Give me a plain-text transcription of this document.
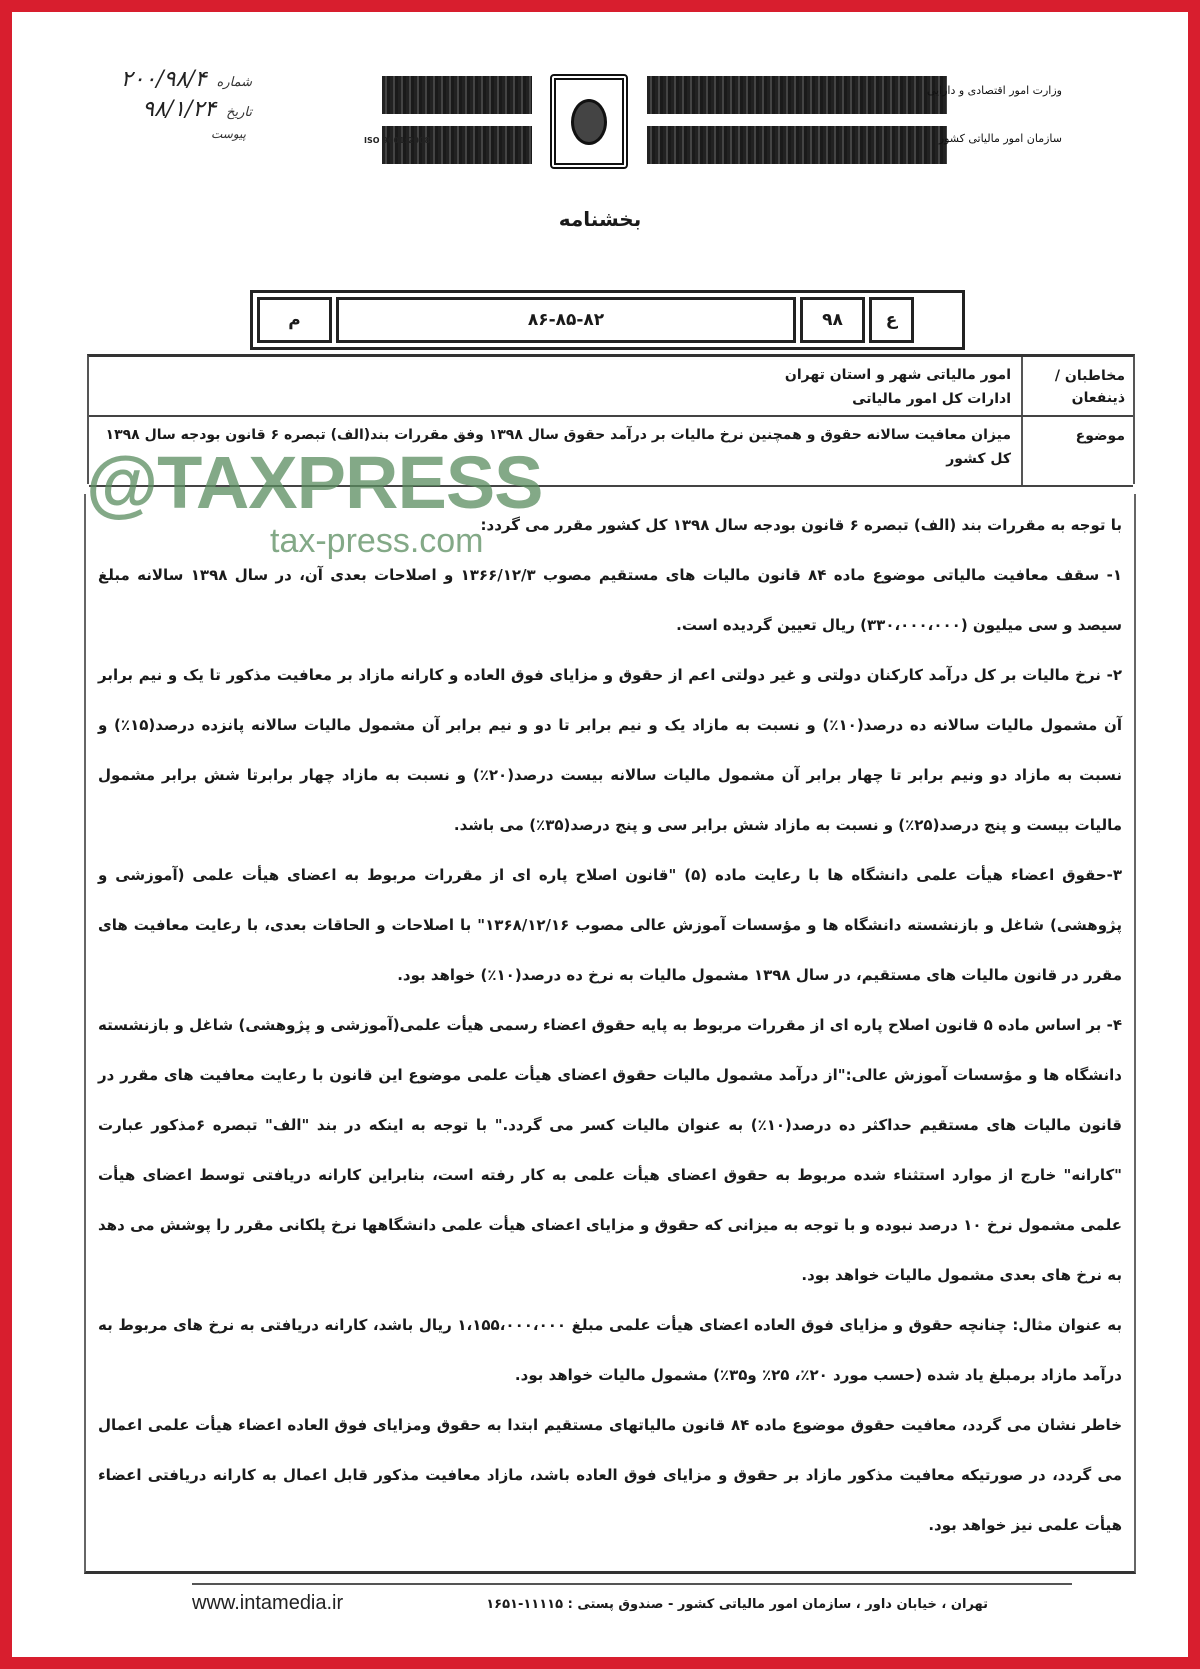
شماره
۲۰۰/۹۸/۴
تاریخ
۹۸/۱/۲۴
پیوست
وزارت امور اقتصادی و دارایی
سازمان امور مالیاتی کشور
ISO 9001:2008
بخشنامه
م	۸۶-۸۵-۸۲	۹۸	ع
مخاطبان / ذینفعان
امور مالیاتی شهر و استان تهران
ادارات کل امور مالیاتی
موضوع
میزان معافیت سالانه حقوق و همچنین نرخ مالیات بر درآمد حقوق سال ۱۳۹۸ وفق مقررات بند(الف) تبصره ۶ قانون بودجه سال ۱۳۹۸ کل کشور

با توجه به مقررات بند (الف) تبصره ۶ قانون بودجه سال ۱۳۹۸ کل کشور مقرر می گردد:

۱- سقف معافیت مالیاتی موضوع ماده ۸۴ قانون مالیات های مستقیم مصوب ۱۳۶۶/۱۲/۳ و اصلاحات بعدی آن، در سال ۱۳۹۸ سالانه مبلغ سیصد و سی میلیون (۳۳۰،۰۰۰،۰۰۰) ریال تعیین گردیده است.

۲- نرخ مالیات بر کل درآمد کارکنان دولتی و غیر دولتی اعم از حقوق و مزایای فوق العاده و کارانه مازاد بر معافیت مذکور تا یک و نیم برابر آن مشمول مالیات سالانه ده درصد(۱۰٪) و نسبت به مازاد یک و نیم برابر تا دو و نیم برابر آن مشمول مالیات سالانه پانزده درصد(۱۵٪) و نسبت به مازاد دو ونیم برابر تا چهار برابر آن مشمول مالیات سالانه بیست درصد(۲۰٪) و نسبت به مازاد چهار برابرتا شش برابر مشمول مالیات بیست و پنج درصد(۲۵٪) و نسبت به مازاد شش برابر سی و پنج درصد(۳۵٪) می باشد.

۳-حقوق اعضاء هیأت علمی دانشگاه ها با رعایت ماده (۵) "قانون اصلاح پاره ای از مقررات مربوط به اعضای هیأت علمی (آموزشی و پژوهشی) شاغل و بازنشسته دانشگاه ها و مؤسسات آموزش عالی مصوب ۱۳۶۸/۱۲/۱۶" با اصلاحات و الحاقات بعدی، با رعایت معافیت های مقرر در قانون مالیات های مستقیم، در سال ۱۳۹۸ مشمول مالیات به نرخ ده درصد(۱۰٪) خواهد بود.

۴- بر اساس ماده ۵ قانون اصلاح پاره ای از مقررات مربوط به پایه حقوق اعضاء رسمی هیأت علمی(آموزشی و پژوهشی) شاغل و بازنشسته دانشگاه ها و مؤسسات آموزش عالی:"از درآمد مشمول مالیات حقوق اعضای هیأت علمی موضوع این قانون با رعایت معافیت های مقرر در قانون مالیات های مستقیم حداکثر ده درصد(۱۰٪) به عنوان مالیات کسر می گردد." با توجه به اینکه در بند "الف" تبصره ۶مذکور عبارت "کارانه" خارج از موارد استثناء شده مربوط به حقوق اعضای هیأت علمی به کار رفته است، بنابراین کارانه دریافتی توسط اعضای هیأت علمی مشمول نرخ ۱۰ درصد نبوده و با توجه به میزانی که حقوق و مزایای اعضای هیأت علمی دانشگاهها نرخ پلکانی مقرر را پوشش می دهد به نرخ های بعدی مشمول مالیات خواهد بود.

به عنوان مثال: چنانچه حقوق و مزایای فوق العاده اعضای هیأت علمی مبلغ ۱،۱۵۵،۰۰۰،۰۰۰ ریال باشد، کارانه دریافتی به نرخ های مربوط به درآمد مازاد برمبلغ یاد شده (حسب مورد ۲۰٪، ۲۵٪ و۳۵٪) مشمول مالیات خواهد بود.

خاطر نشان می گردد، معافیت حقوق موضوع ماده ۸۴ قانون مالیاتهای مستقیم ابتدا به حقوق ومزایای فوق العاده اعضاء هیأت علمی اعمال می گردد، در صورتیکه معافیت مذکور مازاد بر حقوق و مزایای فوق العاده باشد، مازاد معافیت مذکور قابل اعمال به کارانه دریافتی اعضاء هیأت علمی نیز خواهد بود.

www.intamedia.ir	تهران ، خیابان داور ، سازمان امور مالیاتی کشور - صندوق پستی : ۱۱۱۱۵-۱۶۵۱
@TAXPRESS
tax-press.com
